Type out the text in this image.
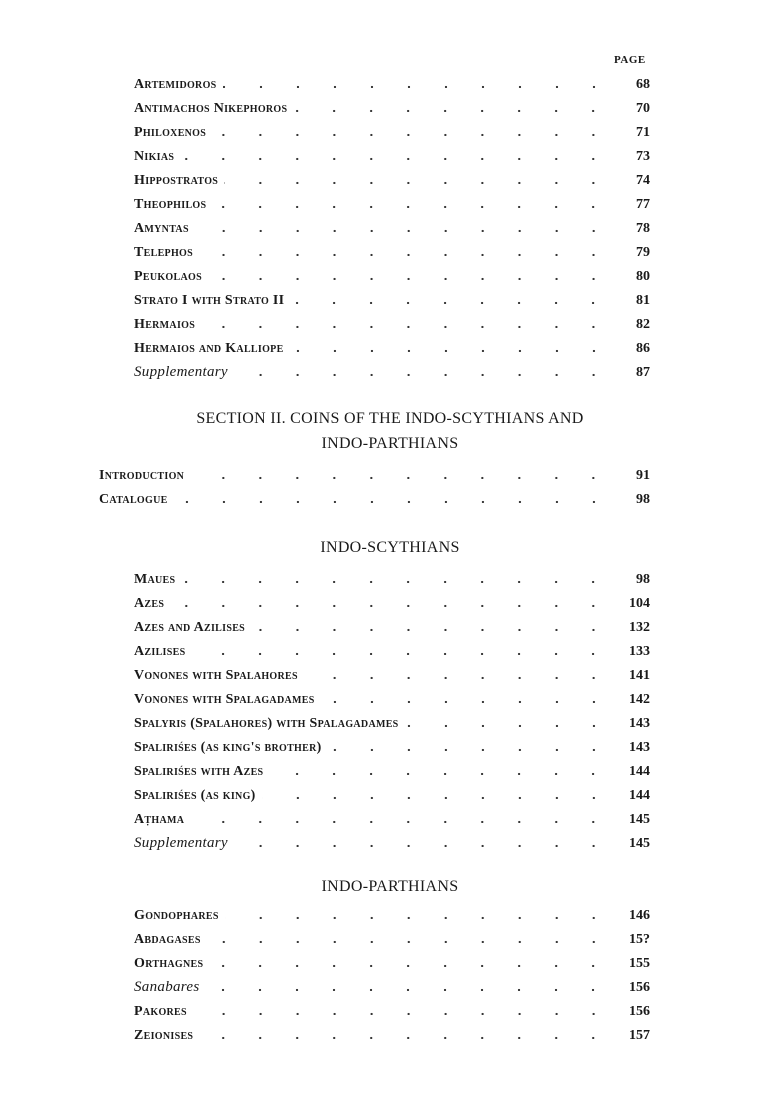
PAGE
Artemidoros	68
Antimachos Nikephoros	70
Philoxenos	71
Nikias	73
Hippostratos	74
Theophilos	77
Amyntas	78
Telephos	79
Peukolaos	80
Strato I with Strato II	81
Hermaios	82
Hermaios and Kalliope	86
Supplementary	87
SECTION II. COINS OF THE INDO-SCYTHIANS AND
INDO-PARTHIANS
Introduction	91
Catalogue	98
INDO-SCYTHIANS
Maues	98
Azes	104
Azes and Azilises	132
Azilises	133
Vonones with Spalahores	141
Vonones with Spalagadames	142
Spalyris (Spalahores) with Spalagadames	143
Spaliriśes (as king's brother)	143
Spaliriśes with Azes	144
Spaliriśes (as king)	144
Aṭhama	145
Supplementary	145
INDO-PARTHIANS
Gondophares	146
Abdagases	15?
Orthagnes	155
Sanabares	156
Pakores	156
Zeionises	157
